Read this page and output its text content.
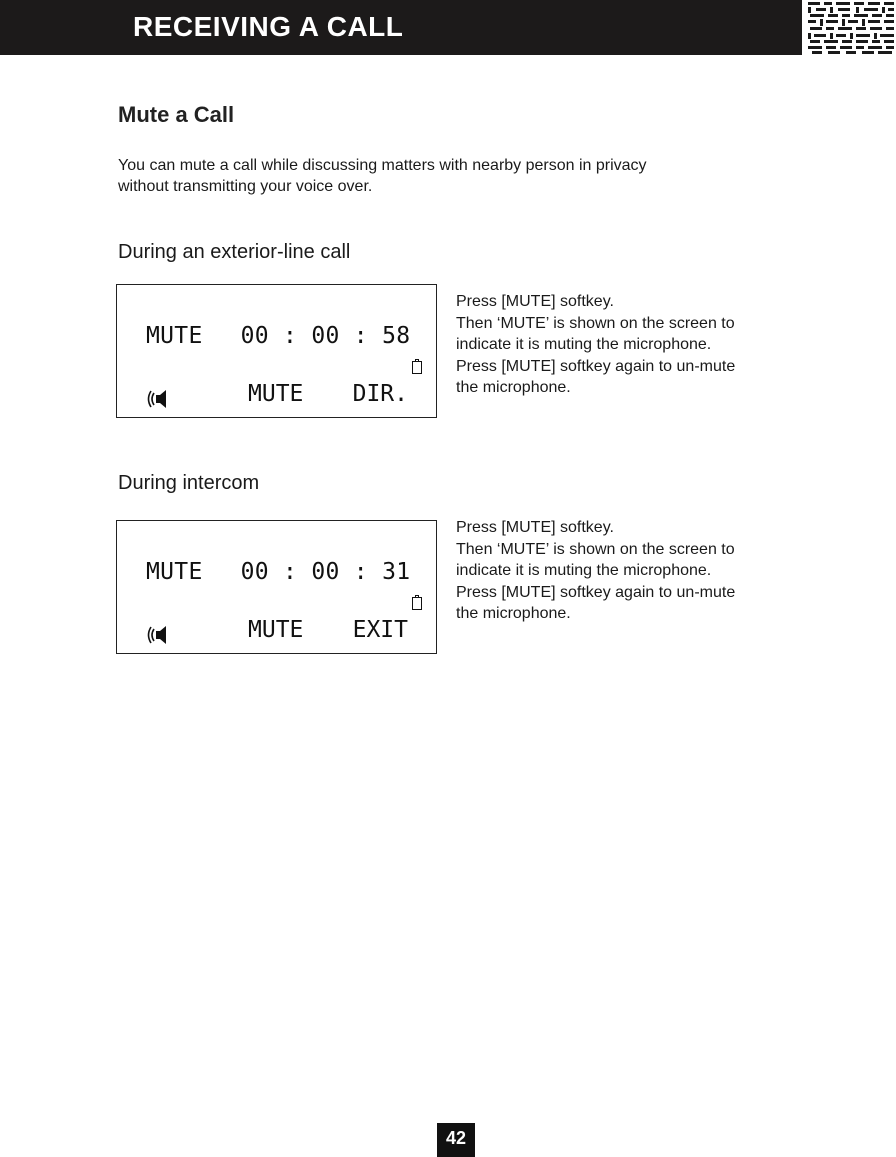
RECEIVING A CALL
Mute a Call
You can mute a call while discussing matters with nearby person in privacy
without transmitting your voice over.
During an exterior-line call
MUTE 00 : 00 : 58
MUTE DIR.
Press [MUTE] softkey.
Then ‘MUTE’ is shown on the screen to
indicate it is muting the microphone.
Press [MUTE] softkey again to un-mute
the microphone.
During intercom
MUTE 00 : 00 : 31
MUTE EXIT
Press [MUTE] softkey.
Then ‘MUTE’ is shown on the screen to
indicate it is muting the microphone.
Press [MUTE] softkey again to un-mute
the microphone.
42
